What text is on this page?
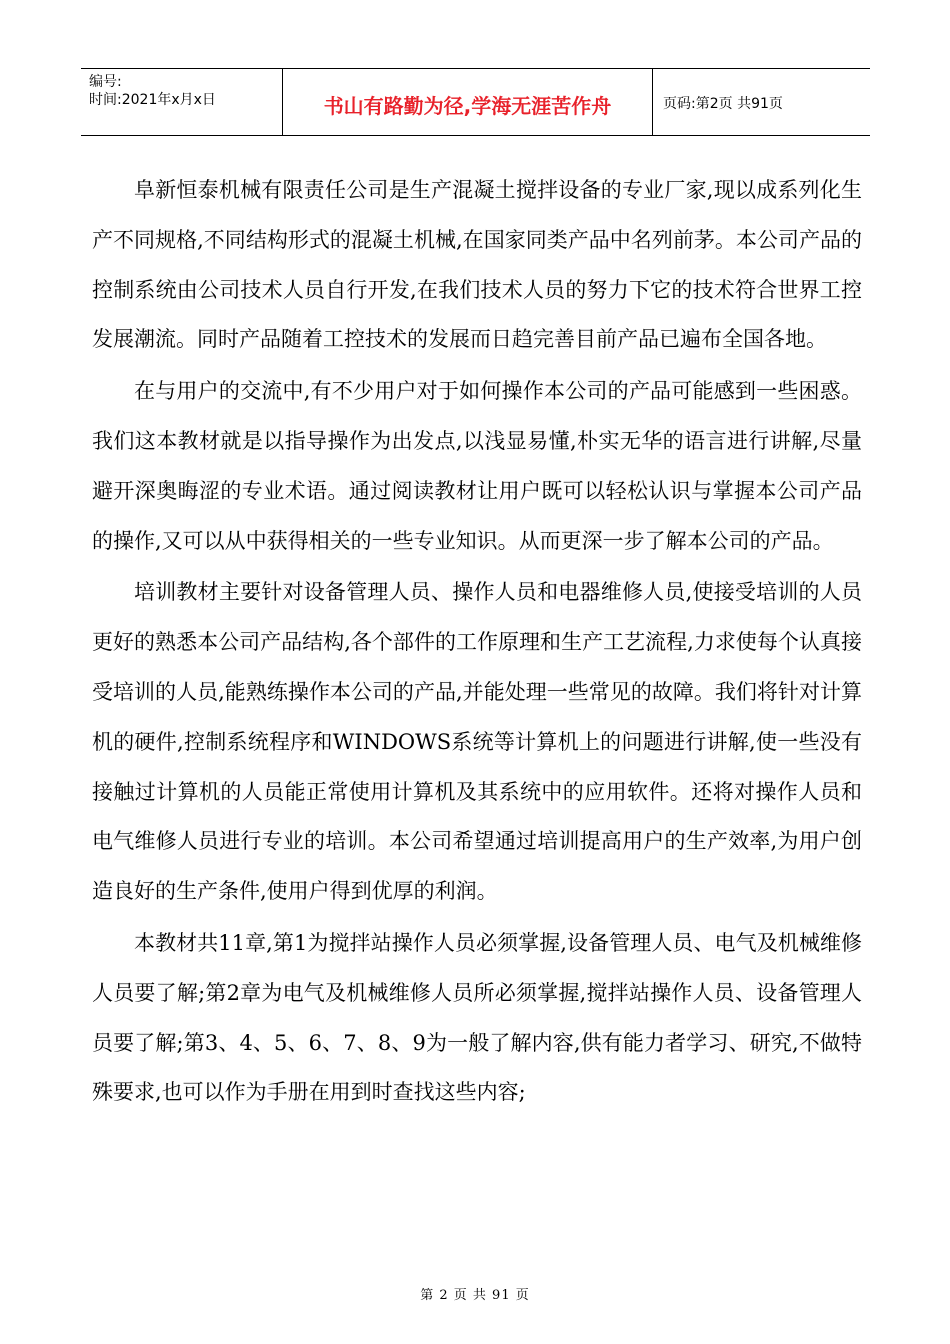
编号:
时间:2021年x月x日	书山有路勤为径,学海无涯苦作舟	页码:第2页 共91页

阜新恒泰机械有限责任公司是生产混凝土搅拌设备的专业厂家,现以成系列化生产不同规格,不同结构形式的混凝土机械,在国家同类产品中名列前茅。本公司产品的控制系统由公司技术人员自行开发,在我们技术人员的努力下它的技术符合世界工控发展潮流。同时产品随着工控技术的发展而日趋完善目前产品已遍布全国各地。

在与用户的交流中,有不少用户对于如何操作本公司的产品可能感到一些困惑。我们这本教材就是以指导操作为出发点,以浅显易懂,朴实无华的语言进行讲解,尽量避开深奥晦涩的专业术语。通过阅读教材让用户既可以轻松认识与掌握本公司产品的操作,又可以从中获得相关的一些专业知识。从而更深一步了解本公司的产品。

培训教材主要针对设备管理人员、操作人员和电器维修人员,使接受培训的人员更好的熟悉本公司产品结构,各个部件的工作原理和生产工艺流程,力求使每个认真接受培训的人员,能熟练操作本公司的产品,并能处理一些常见的故障。我们将针对计算机的硬件,控制系统程序和WINDOWS系统等计算机上的问题进行讲解,使一些没有接触过计算机的人员能正常使用计算机及其系统中的应用软件。还将对操作人员和电气维修人员进行专业的培训。本公司希望通过培训提高用户的生产效率,为用户创造良好的生产条件,使用户得到优厚的利润。

本教材共11章,第1为搅拌站操作人员必须掌握,设备管理人员、电气及机械维修人员要了解;第2章为电气及机械维修人员所必须掌握,搅拌站操作人员、设备管理人员要了解;第3、4、5、6、7、8、9为一般了解内容,供有能力者学习、研究,不做特殊要求,也可以作为手册在用到时查找这些内容;

第 2 页 共 91 页
